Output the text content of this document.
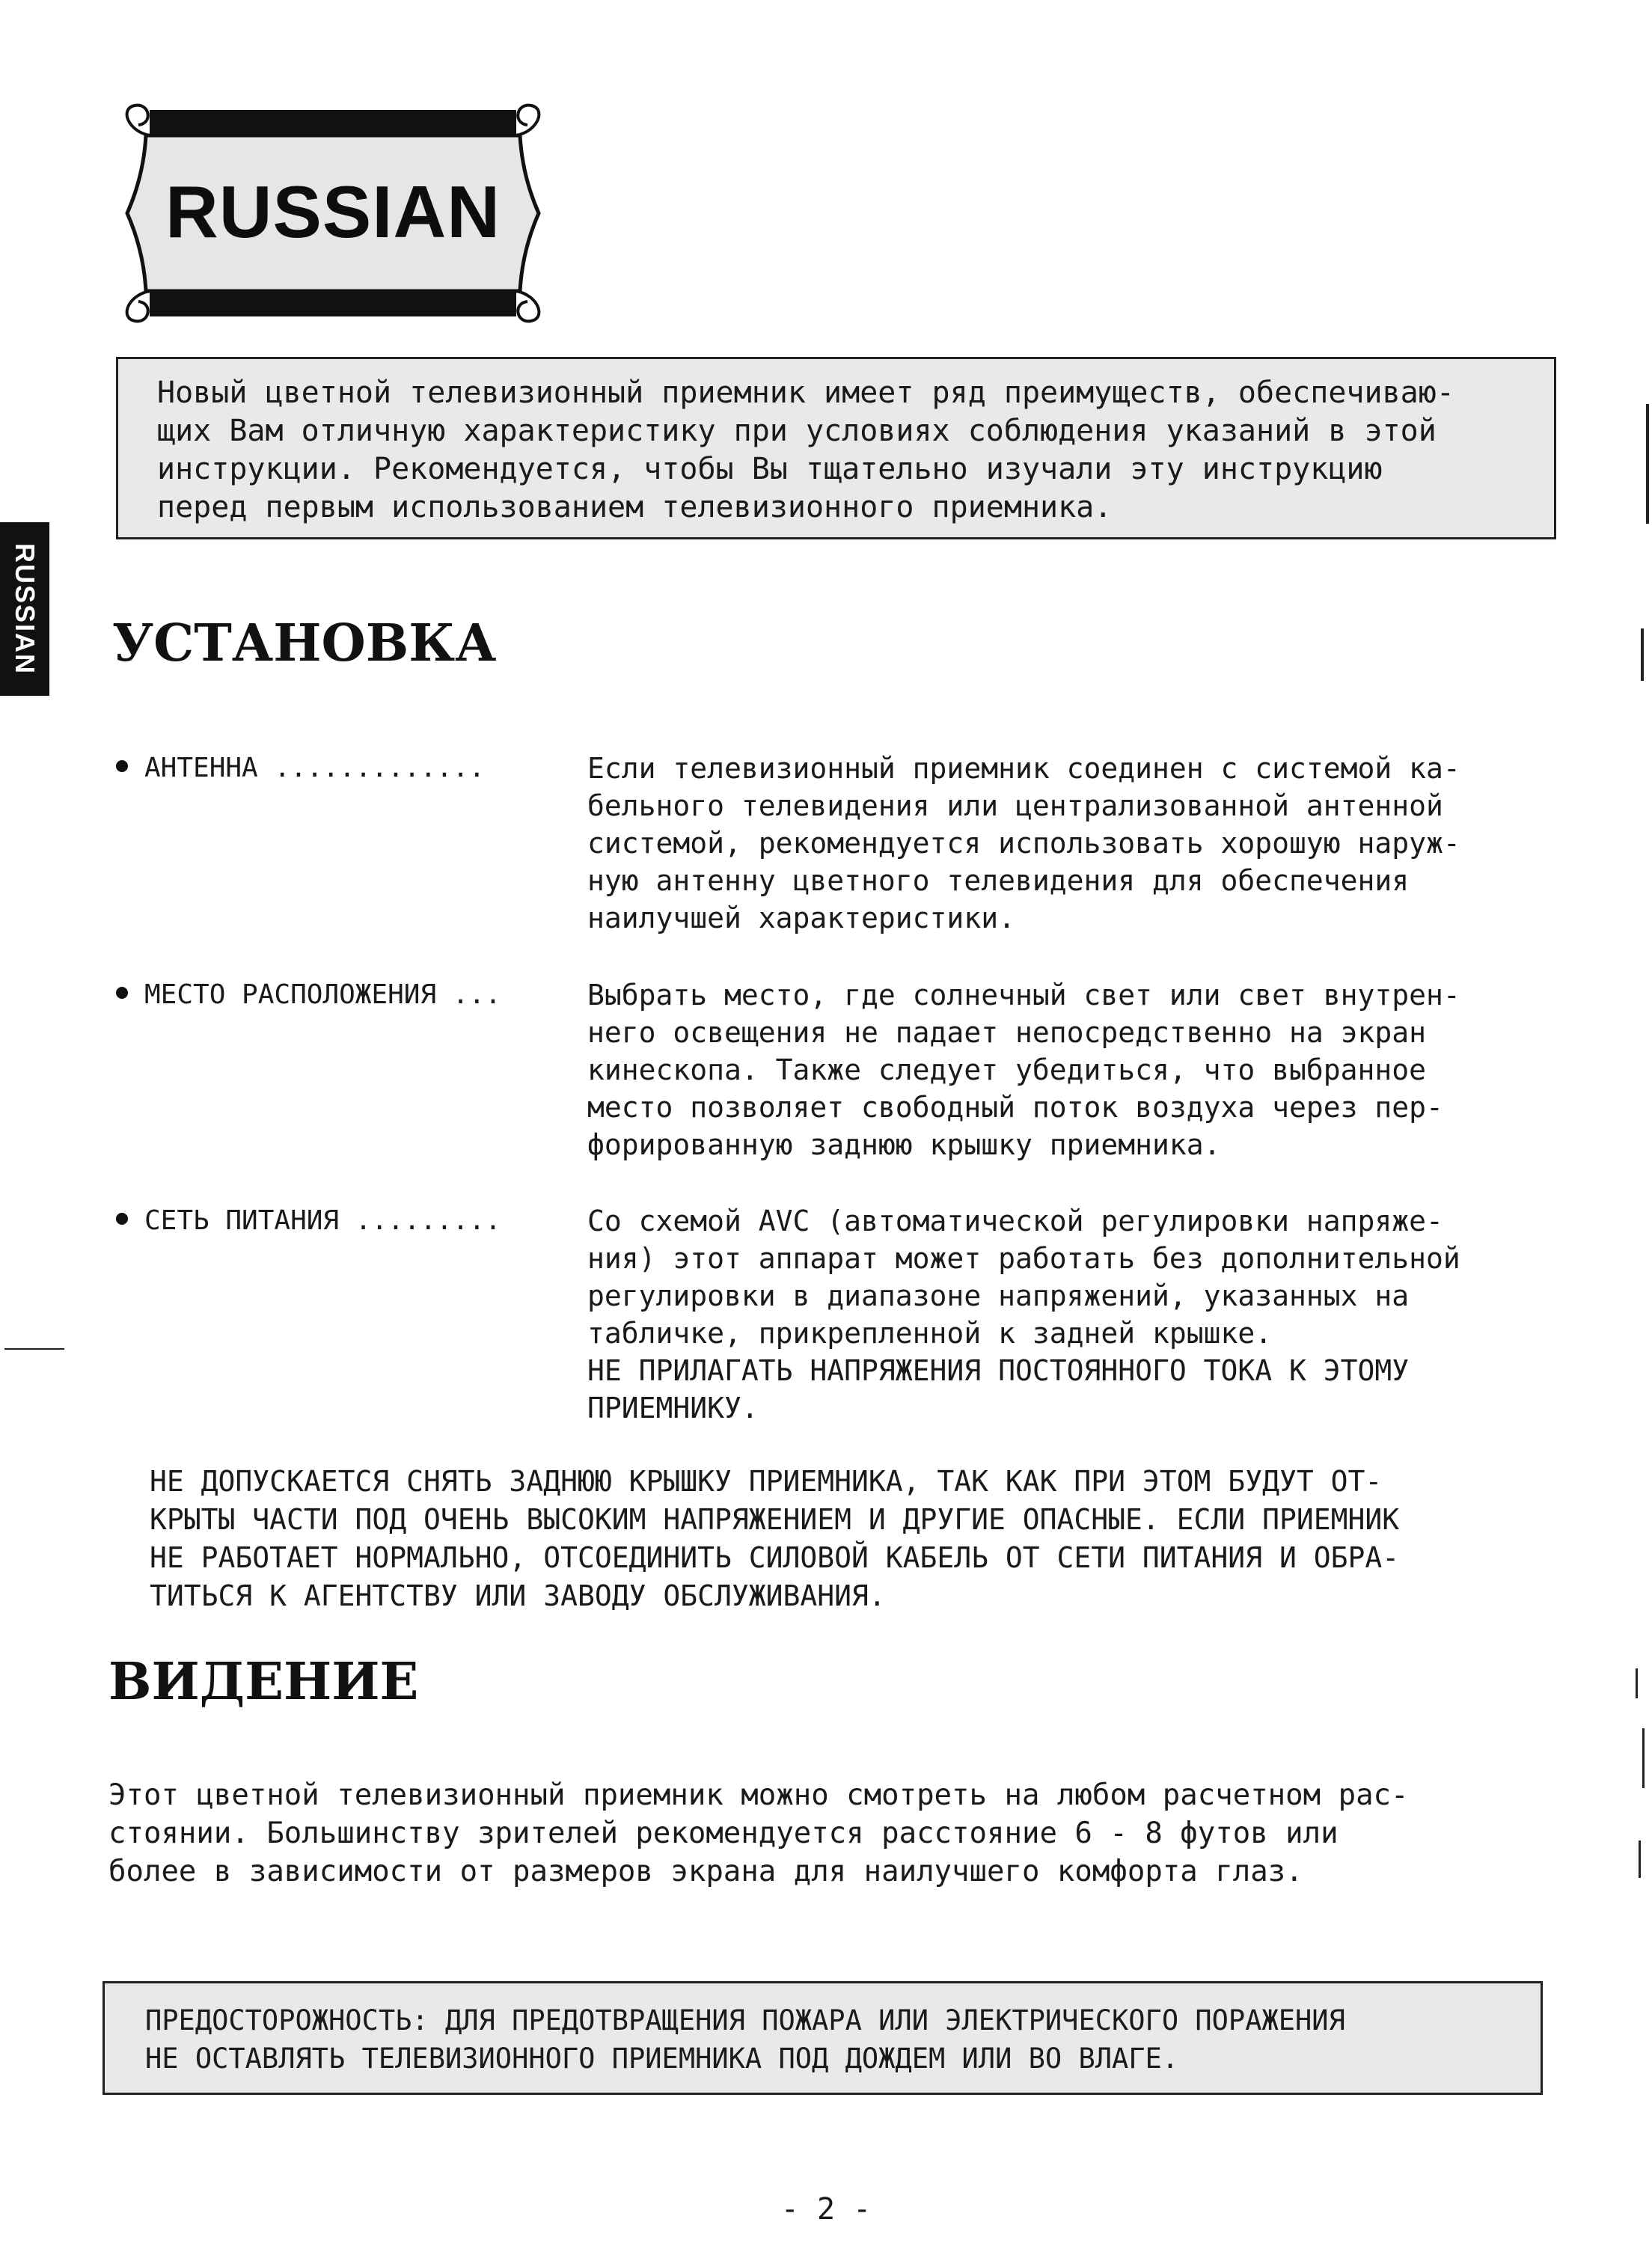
RUSSIAN
RUSSIAN
Новый цветной телевизионный приемник имеет ряд преимуществ, обеспечиваю-
щих Вам отличную характеристику при условиях соблюдения указаний в этой
инструкции. Рекомендуется, чтобы Вы тщательно изучали эту инструкцию
перед первым использованием телевизионного приемника.
УСТАНОВКА
АНТЕННА .............	Если телевизионный приемник соединен с системой ка-
бельного телевидения или централизованной антенной
системой, рекомендуется использовать хорошую наруж-
ную антенну цветного телевидения для обеспечения
наилучшей характеристики.
МЕСТО РАСПОЛОЖЕНИЯ ...	Выбрать место, где солнечный свет или свет внутрен-
него освещения не падает непосредственно на экран
кинескопа. Также следует убедиться, что выбранное
место позволяет свободный поток воздуха через пер-
форированную заднюю крышку приемника.
СЕТЬ ПИТАНИЯ .........	Со схемой AVC (автоматической регулировки напряже-
ния) этот аппарат может работать без дополнительной
регулировки в диапазоне напряжений, указанных на
табличке, прикрепленной к задней крышке.
НЕ ПРИЛАГАТЬ НАПРЯЖЕНИЯ ПОСТОЯННОГО ТОКА К ЭТОМУ
ПРИЕМНИКУ.
НЕ ДОПУСКАЕТСЯ СНЯТЬ ЗАДНЮЮ КРЫШКУ ПРИЕМНИКА, ТАК КАК ПРИ ЭТОМ БУДУТ ОТ-
КРЫТЫ ЧАСТИ ПОД ОЧЕНЬ ВЫСОКИМ НАПРЯЖЕНИЕМ И ДРУГИЕ ОПАСНЫЕ. ЕСЛИ ПРИЕМНИК
НЕ РАБОТАЕТ НОРМАЛЬНО, ОТСОЕДИНИТЬ СИЛОВОЙ КАБЕЛЬ ОТ СЕТИ ПИТАНИЯ И ОБРА-
ТИТЬСЯ К АГЕНТСТВУ ИЛИ ЗАВОДУ ОБСЛУЖИВАНИЯ.
ВИДЕНИЕ
Этот цветной телевизионный приемник можно смотреть на любом расчетном рас-
стоянии. Большинству зрителей рекомендуется расстояние 6 - 8 футов или
более в зависимости от размеров экрана для наилучшего комфорта глаз.
ПРЕДОСТОРОЖНОСТЬ: ДЛЯ ПРЕДОТВРАЩЕНИЯ ПОЖАРА ИЛИ ЭЛЕКТРИЧЕСКОГО ПОРАЖЕНИЯ
НЕ ОСТАВЛЯТЬ ТЕЛЕВИЗИОННОГО ПРИЕМНИКА ПОД ДОЖДЕМ ИЛИ ВО ВЛАГЕ.
- 2 -
